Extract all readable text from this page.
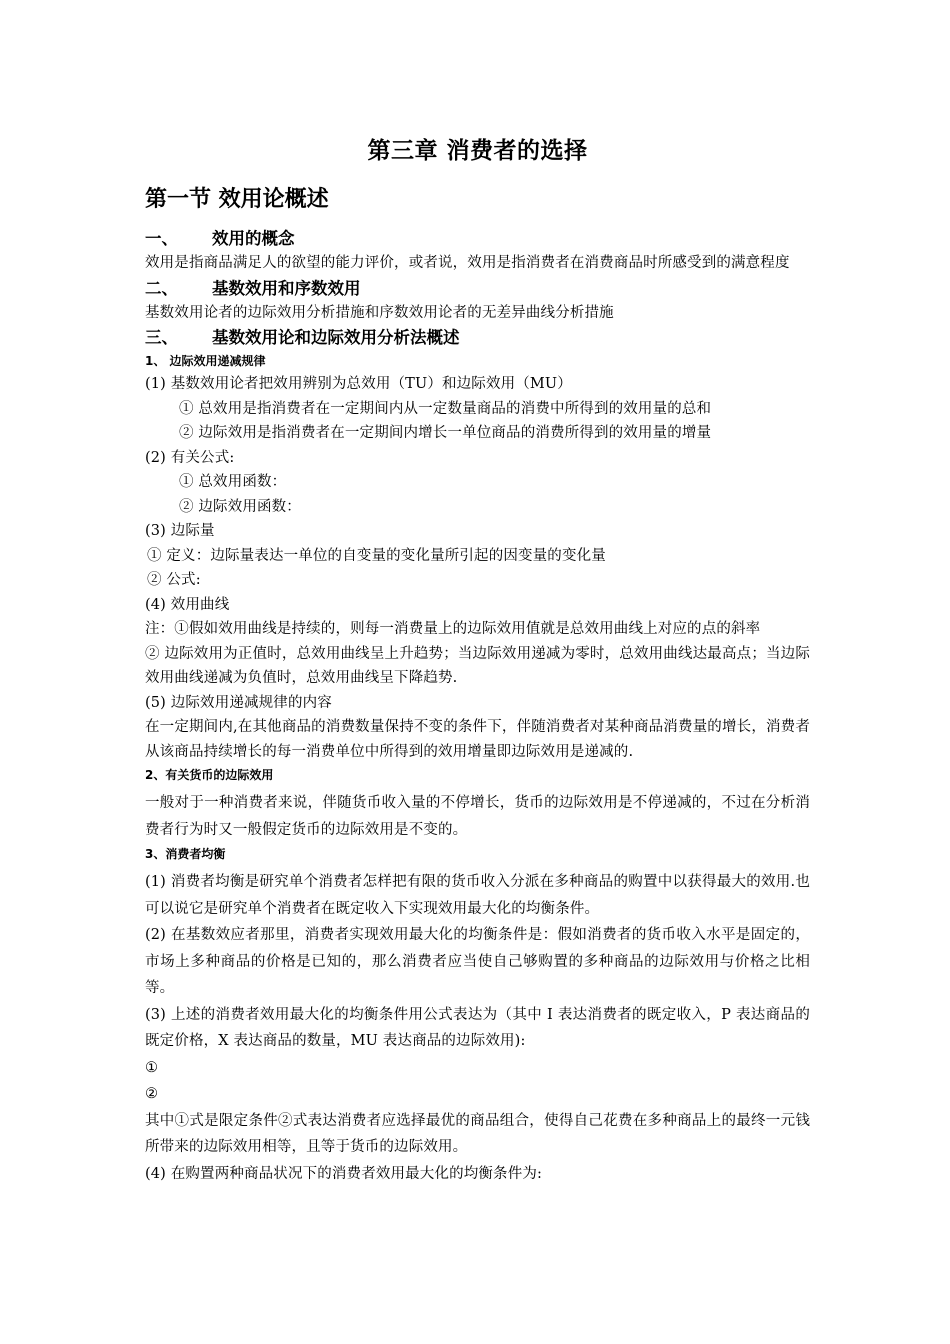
第三章 消费者的选择
第一节 效用论概述
一、 效用的概念
效用是指商品满足人的欲望的能力评价，或者说，效用是指消费者在消费商品时所感受到的满意程度
二、 基数效用和序数效用
基数效用论者的边际效用分析措施和序数效用论者的无差异曲线分析措施
三、 基数效用论和边际效用分析法概述
1、 边际效用递减规律
(1) 基数效用论者把效用辨别为总效用（TU）和边际效用（MU）
① 总效用是指消费者在一定期间内从一定数量商品的消费中所得到的效用量的总和
② 边际效用是指消费者在一定期间内增长一单位商品的消费所得到的效用量的增量
(2) 有关公式:
① 总效用函数：
② 边际效用函数：
(3) 边际量
① 定义：边际量表达一单位的自变量的变化量所引起的因变量的变化量
② 公式:
(4) 效用曲线
注：①假如效用曲线是持续的，则每一消费量上的边际效用值就是总效用曲线上对应的点的斜率
② 边际效用为正值时，总效用曲线呈上升趋势；当边际效用递减为零时，总效用曲线达最高点；当边际效用曲线递减为负值时，总效用曲线呈下降趋势.
(5) 边际效用递减规律的内容
在一定期间内,在其他商品的消费数量保持不变的条件下，伴随消费者对某种商品消费量的增长，消费者从该商品持续增长的每一消费单位中所得到的效用增量即边际效用是递减的.
2、有关货币的边际效用
一般对于一种消费者来说，伴随货币收入量的不停增长，货币的边际效用是不停递减的，不过在分析消费者行为时又一般假定货币的边际效用是不变的。
3、消费者均衡
(1) 消费者均衡是研究单个消费者怎样把有限的货币收入分派在多种商品的购置中以获得最大的效用.也可以说它是研究单个消费者在既定收入下实现效用最大化的均衡条件。
(2) 在基数效应者那里，消费者实现效用最大化的均衡条件是：假如消费者的货币收入水平是固定的，市场上多种商品的价格是已知的，那么消费者应当使自己够购置的多种商品的边际效用与价格之比相等。
(3) 上述的消费者效用最大化的均衡条件用公式表达为（其中 I 表达消费者的既定收入，P 表达商品的既定价格，X 表达商品的数量，MU 表达商品的边际效用):
①
②
其中①式是限定条件②式表达消费者应选择最优的商品组合，使得自己花费在多种商品上的最终一元钱所带来的边际效用相等，且等于货币的边际效用。
(4) 在购置两种商品状况下的消费者效用最大化的均衡条件为:
